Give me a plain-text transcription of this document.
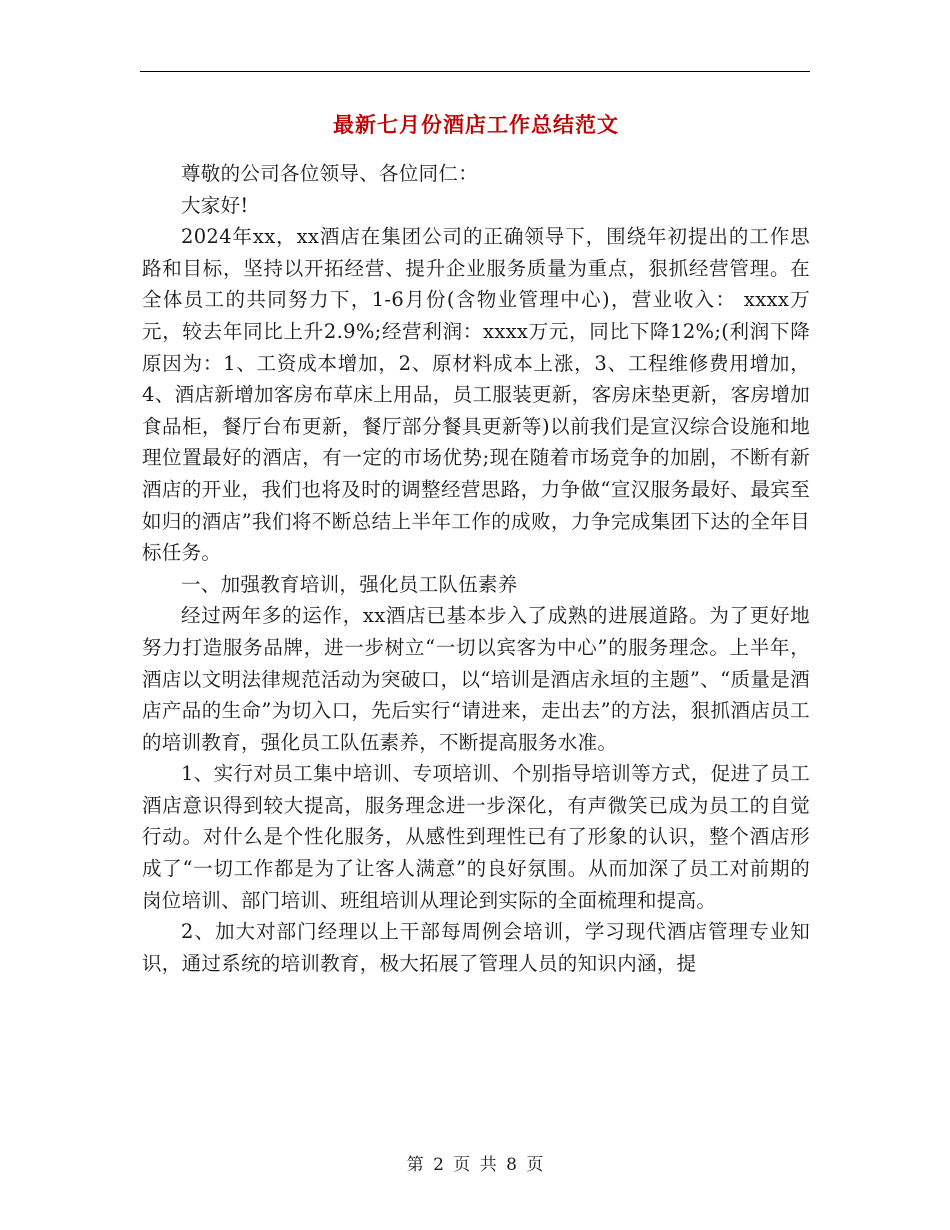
最新七月份酒店工作总结范文

尊敬的公司各位领导、各位同仁：

大家好!

2024年xx，xx酒店在集团公司的正确领导下，围绕年初提出的工作思路和目标，坚持以开拓经营、提升企业服务质量为重点，狠抓经营管理。在全体员工的共同努力下，1-6月份(含物业管理中心)，营业收入： xxxx万元，较去年同比上升2.9%;经营利润：xxxx万元，同比下降12%;(利润下降原因为：1、工资成本增加，2、原材料成本上涨，3、工程维修费用增加，4、酒店新增加客房布草床上用品，员工服装更新，客房床垫更新，客房增加食品柜，餐厅台布更新，餐厅部分餐具更新等)以前我们是宣汉综合设施和地理位置最好的酒店，有一定的市场优势;现在随着市场竞争的加剧，不断有新酒店的开业，我们也将及时的调整经营思路，力争做“宣汉服务最好、最宾至如归的酒店”我们将不断总结上半年工作的成败，力争完成集团下达的全年目标任务。

一、加强教育培训，强化员工队伍素养

经过两年多的运作，xx酒店已基本步入了成熟的进展道路。为了更好地努力打造服务品牌，进一步树立“一切以宾客为中心”的服务理念。上半年，酒店以文明法律规范活动为突破口，以“培训是酒店永垣的主题”、“质量是酒店产品的生命”为切入口，先后实行“请进来，走出去”的方法，狠抓酒店员工的培训教育，强化员工队伍素养，不断提高服务水准。

1、实行对员工集中培训、专项培训、个别指导培训等方式，促进了员工酒店意识得到较大提高，服务理念进一步深化，有声微笑已成为员工的自觉行动。对什么是个性化服务，从感性到理性已有了形象的认识，整个酒店形成了“一切工作都是为了让客人满意”的良好氛围。从而加深了员工对前期的岗位培训、部门培训、班组培训从理论到实际的全面梳理和提高。

2、加大对部门经理以上干部每周例会培训，学习现代酒店管理专业知识，通过系统的培训教育，极大拓展了管理人员的知识内涵，提

第 2 页 共 8 页
